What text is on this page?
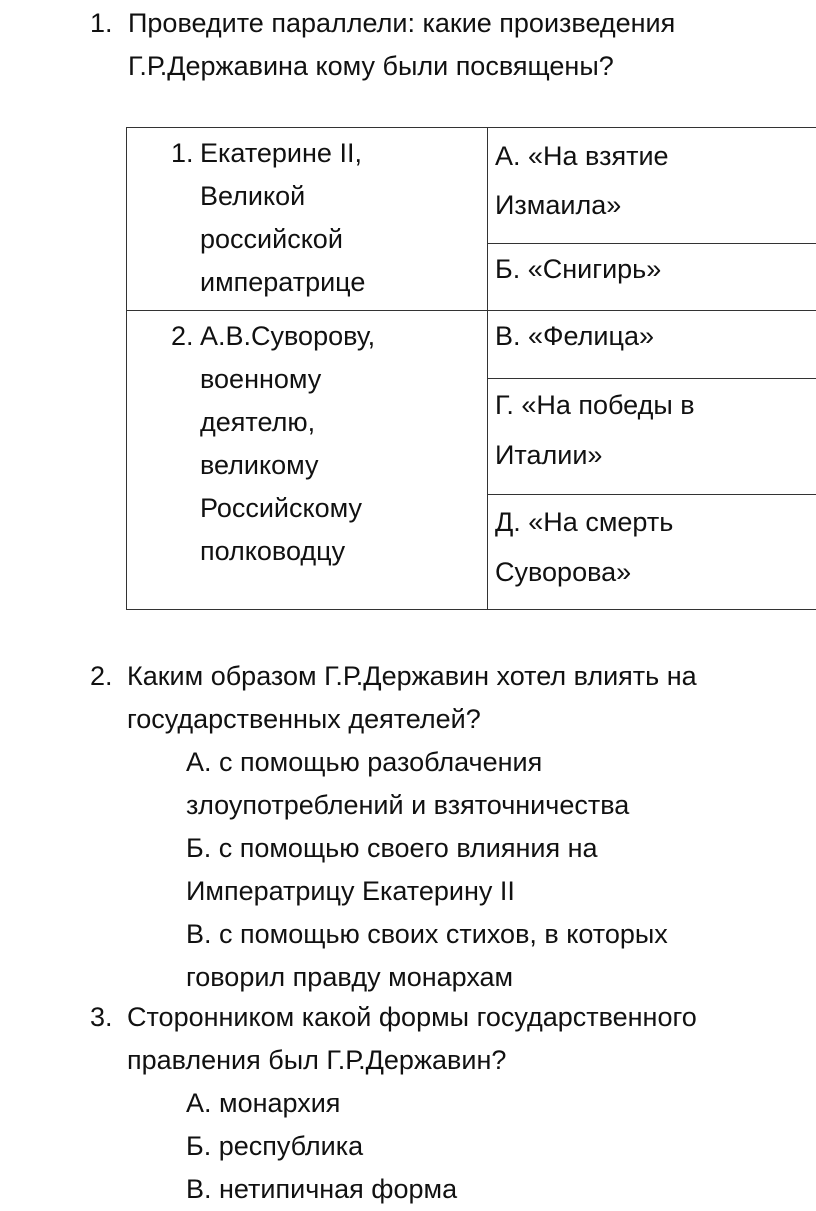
1. Проведите параллели: какие произведения
Г.Р.Державина кому были посвящены?
1. Екатерине II,
Великой
российской
императрице
2. А.В.Суворову,
военному
деятелю,
великому
Российскому
полководцу
А. «На взятие
Измаила»
Б. «Снигирь»
В. «Фелица»
Г. «На победы в
Италии»
Д. «На смерть
Суворова»
2. Каким образом Г.Р.Державин хотел влиять на
государственных деятелей?
А. с помощью разоблачения
злоупотреблений и взяточничества
Б. с помощью своего влияния на
Императрицу Екатерину II
В. с помощью своих стихов, в которых
говорил правду монархам
3. Сторонником какой формы государственного
правления был Г.Р.Державин?
А. монархия
Б. республика
В. нетипичная форма
